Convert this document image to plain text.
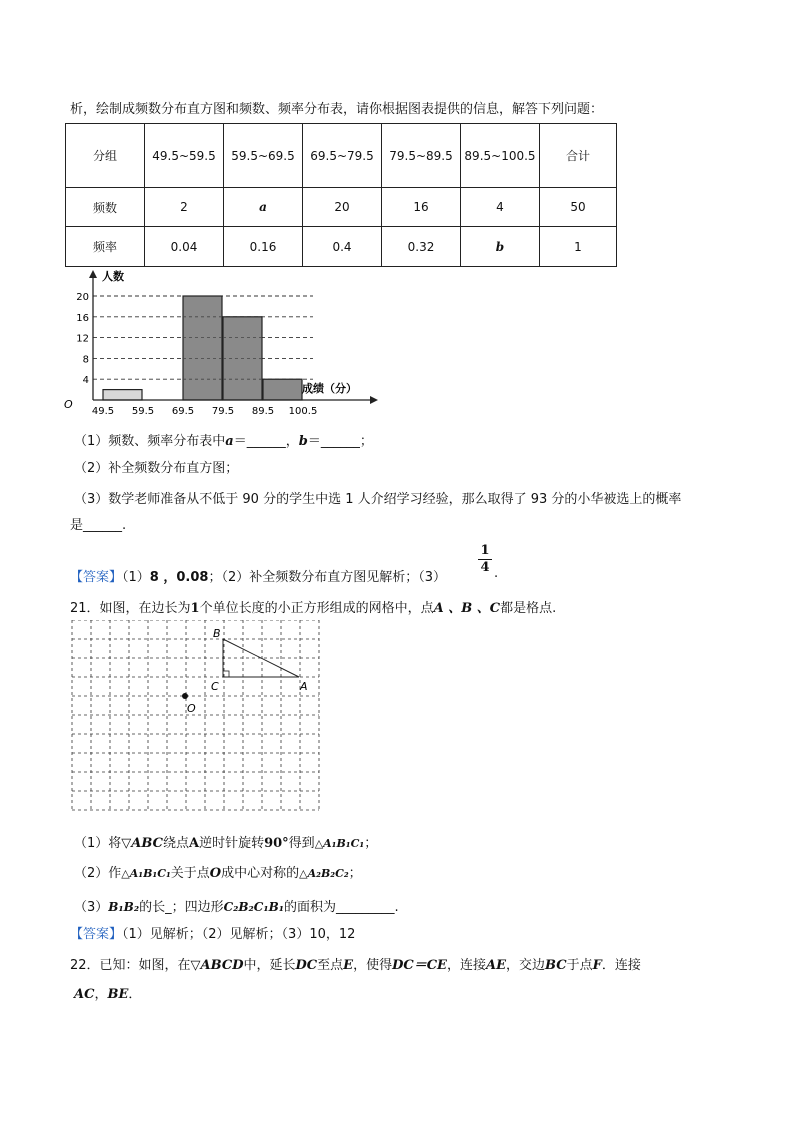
析，绘制成频数分布直方图和频数、频率分布表，请你根据图表提供的信息，解答下列问题：
分组	49.5~59.5	59.5~69.5	69.5~79.5	79.5~89.5	89.5~100.5	合计
频数	2	a	20	16	4	50
频率	0.04	0.16	0.4	0.32	b	1
人数
成绩（分）
O
4
8
12
16
20
49.5 59.5 69.5 79.5 89.5 100.5
（1）频数、频率分布表中a＝______，b＝______；
（2）补全频数分布直方图；
（3）数学老师准备从不低于 90 分的学生中选 1 人介绍学习经验，那么取得了 93 分的小华被选上的概率
是______.
【答案】（1）8 ，0.08；（2）补全频数分布直方图见解析；（3）
1
4 .
21．如图，在边长为1个单位长度的小正方形组成的网格中，点A 、B 、C都是格点.
B
C	A
O
（1）将▽ABC绕点A逆时针旋转90°得到△A₁B₁C₁；
（2）作△A₁B₁C₁关于点O成中心对称的△A₂B₂C₂；
（3）B₁B₂的长_；四边形C₂B₂C₁B₁的面积为_________.
【答案】（1）见解析；（2）见解析；（3）10，12
22．已知：如图，在▽ABCD中，延长DC至点E，使得DC＝CE，连接AE，交边BC于点F．连接
AC，BE．
